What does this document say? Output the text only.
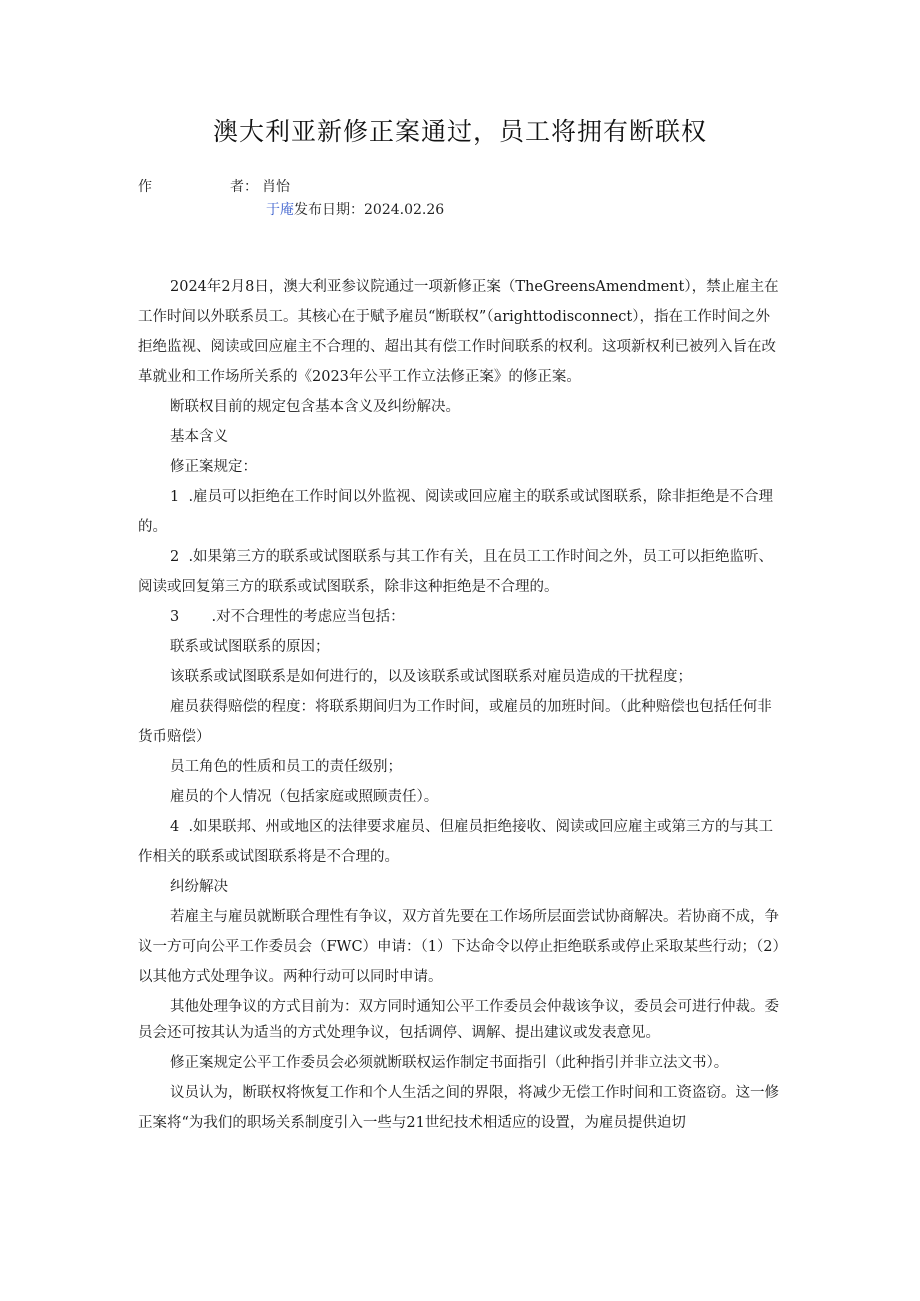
澳大利亚新修正案通过，员工将拥有断联权
作	者： 肖怡
于庵发布日期：2024.02.26

2024年2月8日，澳大利亚参议院通过一项新修正案（TheGreensAmendment），禁止雇主在工作时间以外联系员工。其核心在于赋予雇员“断联权”（arighttodisconnect），指在工作时间之外拒绝监视、阅读或回应雇主不合理的、超出其有偿工作时间联系的权利。这项新权利已被列入旨在改革就业和工作场所关系的《2023年公平工作立法修正案》的修正案。

断联权目前的规定包含基本含义及纠纷解决。

基本含义

修正案规定：

1  .雇员可以拒绝在工作时间以外监视、阅读或回应雇主的联系或试图联系，除非拒绝是不合理的。

2  .如果第三方的联系或试图联系与其工作有关，且在员工工作时间之外，员工可以拒绝监听、阅读或回复第三方的联系或试图联系，除非这种拒绝是不合理的。

3       .对不合理性的考虑应当包括：

联系或试图联系的原因；

该联系或试图联系是如何进行的，以及该联系或试图联系对雇员造成的干扰程度；

雇员获得赔偿的程度：将联系期间归为工作时间，或雇员的加班时间。（此种赔偿也包括任何非货币赔偿）

员工角色的性质和员工的责任级别；

雇员的个人情况（包括家庭或照顾责任）。

4  .如果联邦、州或地区的法律要求雇员、但雇员拒绝接收、阅读或回应雇主或第三方的与其工作相关的联系或试图联系将是不合理的。

纠纷解决

若雇主与雇员就断联合理性有争议，双方首先要在工作场所层面尝试协商解决。若协商不成，争议一方可向公平工作委员会（FWC）申请：（1）下达命令以停止拒绝联系或停止采取某些行动；（2）以其他方式处理争议。两种行动可以同时申请。

其他处理争议的方式目前为：双方同时通知公平工作委员会仲裁该争议，委员会可进行仲裁。委员会还可按其认为适当的方式处理争议，包括调停、调解、提出建议或发表意见。

修正案规定公平工作委员会必须就断联权运作制定书面指引（此种指引并非立法文书）。

议员认为，断联权将恢复工作和个人生活之间的界限，将减少无偿工作时间和工资盗窃。这一修正案将“为我们的职场关系制度引入一些与21世纪技术相适应的设置，为雇员提供迫切
